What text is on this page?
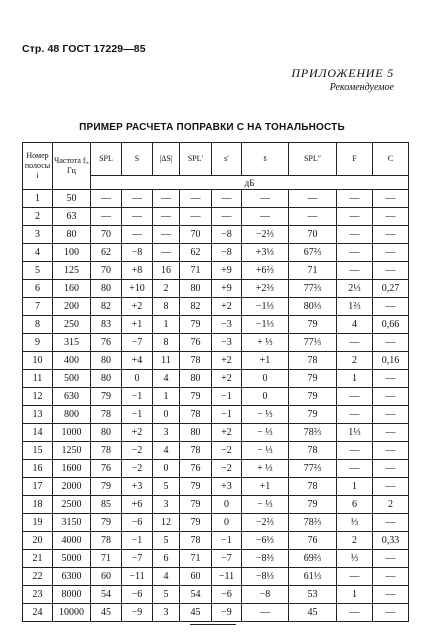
Стр. 48 ГОСТ 17229—85
ПРИЛОЖЕНИЕ 5
Рекомендуемое
ПРИМЕР РАСЧЕТА ПОПРАВКИ С НА ТОНАЛЬНОСТЬ
Номер полосы i	Частота fᵢ, Гц	SPL	S	|ΔS|	SPL′	s′	s̄	SPL″	F	C
		дБ								
1	50	—	—	—	—	—	—	—	—	—
2	63	—	—	—	—	—	—	—	—	—
3	80	70	—	—	70	−8	−2⅔	70	—	—
4	100	62	−8	—	62	−8	+3⅓	67⅔	—	—
5	125	70	+8	16	71	+9	+6⅔	71	—	—
6	160	80	+10	2	80	+9	+2⅔	77⅔	2⅓	0,27
7	200	82	+2	8	82	+2	−1⅓	80⅓	1⅔	—
8	250	83	+1	1	79	−3	−1⅓	79	4	0,66
9	315	76	−7	8	76	−3	+ ⅓	77⅓	—	—
10	400	80	+4	11	78	+2	+1	78	2	0,16
11	500	80	0	4	80	+2	0	79	1	—
12	630	79	−1	1	79	−1	0	79	—	—
13	800	78	−1	0	78	−1	− ⅓	79	—	—
14	1000	80	+2	3	80	+2	− ⅓	78⅔	1⅓	—
15	1250	78	−2	4	78	−2	− ⅓	78	—	—
16	1600	76	−2	0	76	−2	+ ⅓	77⅔	—	—
17	2000	79	+3	5	79	+3	+1	78	1	—
18	2500	85	+6	3	79	0	− ⅓	79	6	2
19	3150	79	−6	12	79	0	−2⅔	78⅔	⅓	—
20	4000	78	−1	5	78	−1	−6⅓	76	2	0,33
21	5000	71	−7	6	71	−7	−8⅔	69⅔	⅓	—
22	6300	60	−11	4	60	−11	−8⅓	61⅓	—	—
23	8000	54	−6	5	54	−6	−8	53	1	—
24	10000	45	−9	3	45	−9	—	45	—	—
